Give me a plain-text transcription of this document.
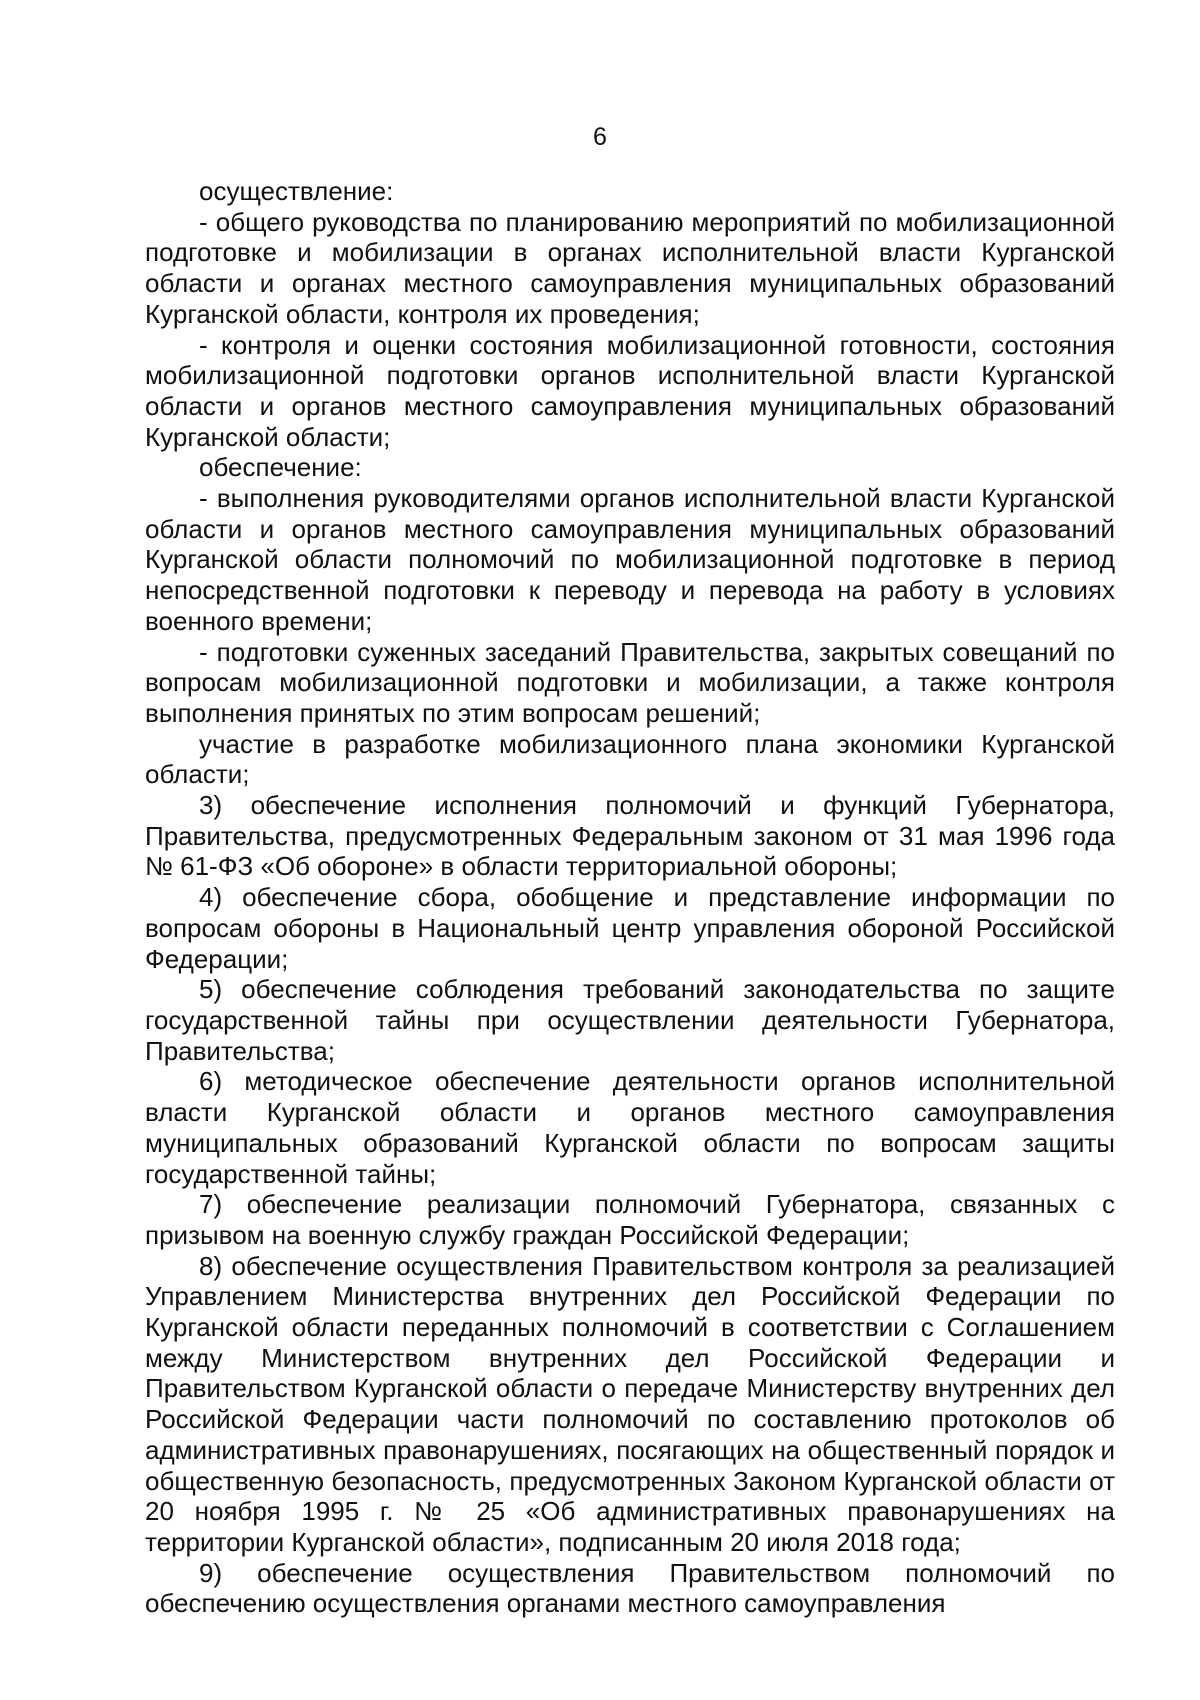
6

осуществление:

- общего руководства по планированию мероприятий по мобилизационной подготовке и мобилизации в органах исполнительной власти Курганской области и органах местного самоуправления муниципальных образований Курганской области, контроля их проведения;

- контроля и оценки состояния мобилизационной готовности, состояния мобилизационной подготовки органов исполнительной власти Курганской области и органов местного самоуправления муниципальных образований Курганской области;

обеспечение:

- выполнения руководителями органов исполнительной власти Курганской области и органов местного самоуправления муниципальных образований Курганской области полномочий по мобилизационной подготовке в период непосредственной подготовки к переводу и перевода на работу в условиях военного времени;

- подготовки суженных заседаний Правительства, закрытых совещаний по вопросам мобилизационной подготовки и мобилизации, а также контроля выполнения принятых по этим вопросам решений;

участие в разработке мобилизационного плана экономики Курганской области;

3) обеспечение исполнения полномочий и функций Губернатора, Правительства, предусмотренных Федеральным законом от 31 мая 1996 года № 61-ФЗ «Об обороне» в области территориальной обороны;

4) обеспечение сбора, обобщение и представление информации по вопросам обороны в Национальный центр управления обороной Российской Федерации;

5) обеспечение соблюдения требований законодательства по защите государственной тайны при осуществлении деятельности Губернатора, Правительства;

6) методическое обеспечение деятельности органов исполнительной власти Курганской области и органов местного самоуправления муниципальных образований Курганской области по вопросам защиты государственной тайны;

7) обеспечение реализации полномочий Губернатора, связанных с призывом на военную службу граждан Российской Федерации;

8) обеспечение осуществления Правительством контроля за реализацией Управлением Министерства внутренних дел Российской Федерации по Курганской области переданных полномочий в соответствии с Соглашением между Министерством внутренних дел Российской Федерации и Правительством Курганской области о передаче Министерству внутренних дел Российской Федерации части полномочий по составлению протоколов об административных правонарушениях, посягающих на общественный порядок и общественную безопасность, предусмотренных Законом Курганской области от 20 ноября 1995 г. № 25 «Об административных правонарушениях на территории Курганской области», подписанным 20 июля 2018 года;

9) обеспечение осуществления Правительством полномочий по обеспечению осуществления органами местного самоуправления
